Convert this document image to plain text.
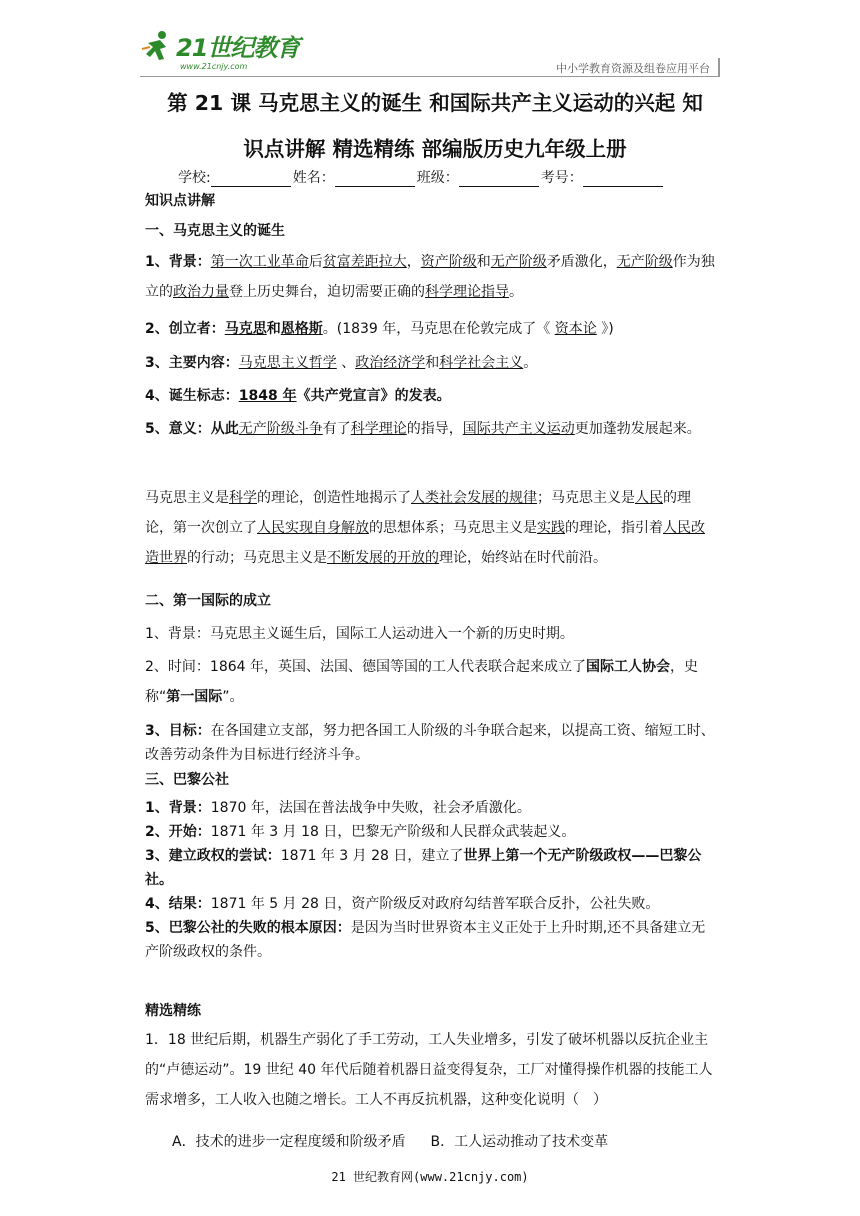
21世纪教育
www.21cnjy.com	中小学教育资源及组卷应用平台
第 21 课 马克思主义的诞生 和国际共产主义运动的兴起 知
识点讲解 精选精练 部编版历史九年级上册
学校:	姓名：	班级：	考号：
知识点讲解
一、马克思主义的诞生
1、背景：第一次工业革命后贫富差距拉大，资产阶级和无产阶级矛盾激化，无产阶级作为独立的政治力量登上历史舞台，迫切需要正确的科学理论指导。
2、创立者：马克思和恩格斯。(1839 年，马克思在伦敦完成了《 资本论 》)
3、主要内容：马克思主义哲学 、政治经济学和科学社会主义。
4、诞生标志：1848 年《共产党宣言》的发表。
5、意义：从此无产阶级斗争有了科学理论的指导，国际共产主义运动更加蓬勃发展起来。
马克思主义是科学的理论，创造性地揭示了人类社会发展的规律；马克思主义是人民的理论，第一次创立了人民实现自身解放的思想体系；马克思主义是实践的理论，指引着人民改造世界的行动；马克思主义是不断发展的开放的理论，始终站在时代前沿。
二、第一国际的成立
1、背景：马克思主义诞生后，国际工人运动进入一个新的历史时期。
2、时间：1864 年，英国、法国、德国等国的工人代表联合起来成立了国际工人协会，史称“第一国际”。
3、目标：在各国建立支部，努力把各国工人阶级的斗争联合起来，以提高工资、缩短工时、改善劳动条件为目标进行经济斗争。
三、巴黎公社
1、背景：1870 年，法国在普法战争中失败，社会矛盾激化。
2、开始：1871 年 3 月 18 日，巴黎无产阶级和人民群众武装起义。
3、建立政权的尝试：1871 年 3 月 28 日，建立了世界上第一个无产阶级政权——巴黎公社。
4、结果：1871 年 5 月 28 日，资产阶级反对政府勾结普军联合反扑，公社失败。
5、巴黎公社的失败的根本原因：是因为当时世界资本主义正处于上升时期,还不具备建立无产阶级政权的条件。
精选精练
1．18 世纪后期，机器生产弱化了手工劳动，工人失业增多，引发了破坏机器以反抗企业主的“卢德运动”。19 世纪 40 年代后随着机器日益变得复杂，工厂对懂得操作机器的技能工人需求增多，工人收入也随之增长。工人不再反抗机器，这种变化说明（　）
A．技术的进步一定程度缓和阶级矛盾 B．工人运动推动了技术变革
21 世纪教育网(www.21cnjy.com)
